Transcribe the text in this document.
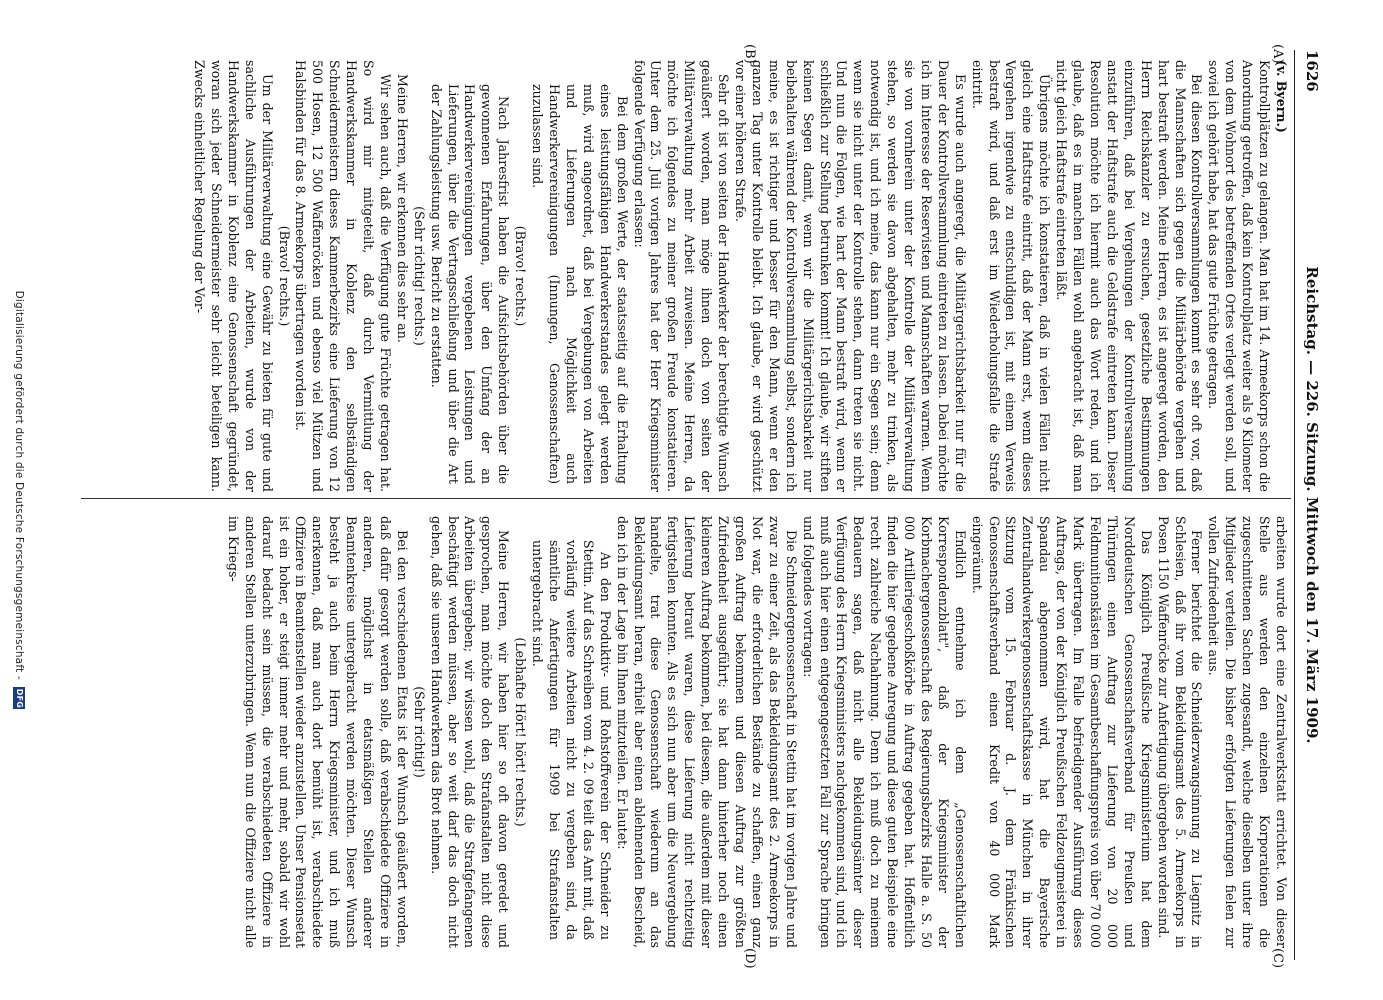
1626
Reichstag. — 226. Sitzung. Mittwoch den 17. März 1909.
(A)
(B)
(C)
(D)

(v. Byern.)

Kontrollplätzen zu gelangen. Man hat im 14. Armeekorps schon die Anordnung getroffen, daß kein Kontrollplatz weiter als 9 Kilometer von dem Wohnort des betreffenden Ortes verlegt werden soll, und soviel ich gehört habe, hat das gute Früchte getragen.

Bei diesen Kontrollversammlungen kommt es sehr oft vor, daß die Mannschaften sich gegen die Militärbehörde vergehen und hart bestraft werden. Meine Herren, es ist angeregt worden, den Herrn Reichskanzler zu ersuchen, gesetzliche Bestimmungen einzuführen, daß bei Vergehungen der Kontrollversammlung anstatt der Haftstrafe auch die Geldstrafe eintreten kann. Dieser Resolution möchte ich hiermit auch das Wort reden, und ich glaube, daß es in manchen Fällen wohl angebracht ist, daß man nicht gleich Haftstrafe eintreten läßt.

Übrigens möchte ich konstatieren, daß in vielen Fällen nicht gleich eine Haftstrafe eintritt, daß der Mann erst, wenn dieses Vergehen irgendwie zu entschuldigen ist, mit einem Verweis bestraft wird, und daß erst im Wiederholungsfalle die Strafe eintritt.

Es wurde auch angeregt, die Militärgerichtsbarkeit nur für die Dauer der Kontrollversammlung eintreten zu lassen. Dabei möchte ich im Interesse der Reservisten und Mannschaften warnen. Wenn sie von vornherein unter der Kontrolle der Militärverwaltung stehen, so werden sie davon abgehalten, mehr zu trinken, als notwendig ist, und ich meine, das kann nur ein Segen sein; denn wenn sie nicht unter der Kontrolle stehen, dann treten sie nicht. Und nun die Folgen, wie hart der Mann bestraft wird, wenn er schließlich zur Stellung betrunken kommt! Ich glaube, wir stiften keinen Segen damit, wenn wir die Militärgerichtsbarkeit nur beibehalten während der Kontrollversammlung selbst, sondern ich meine, es ist richtiger und besser für den Mann, wenn er den ganzen Tag unter Kontrolle bleibt. Ich glaube, er wird geschützt vor einer höheren Strafe.

Sehr oft ist von seiten der Handwerker der berechtigte Wunsch geäußert worden, man möge ihnen doch von seiten der Militärverwaltung mehr Arbeit zuweisen. Meine Herren, da möchte ich folgendes zu meiner großen Freude konstatieren. Unter dem 25. Juli vorigen Jahres hat der Herr Kriegsminister folgende Verfügung erlassen:

Bei dem großen Werte, der staatsseitig auf die Erhaltung eines leistungsfähigen Handwerkerstandes gelegt werden muß, wird angeordnet, daß bei Vergebungen von Arbeiten und Lieferungen nach Möglichkeit auch Handwerkervereinigungen (Innungen, Genossenschaften) zuzulassen sind.

(Bravo! rechts.)

Nach Jahresfrist haben die Aufsichtsbehörden über die gewonnenen Erfahrungen, über den Umfang der an Handwerkervereinigungen vergebenen Leistungen und Lieferungen, über die Vertragsschließung und über die Art der Zahlungsleistung usw. Bericht zu erstatten.

(Sehr richtig! rechts.)

Meine Herren, wir erkennen dies sehr an.

Wir sehen auch, daß die Verfügung gute Früchte getragen hat. So wird mir mitgeteilt, daß durch Vermittlung der Handwerkskammer in Koblenz den selbständigen Schneidermeistern dieses Kammerbezirks eine Lieferung von 12 500 Hosen, 12 500 Waffenröcken und ebenso viel Mützen und Halsbinden für das 8. Armeekorps übertragen worden ist.

(Bravo! rechts.)

Um der Militärverwaltung eine Gewähr zu bieten für gute und sachliche Ausführungen der Arbeiten, wurde von der Handwerkskammer in Koblenz eine Genossenschaft gegründet, woran sich jeder Schneidermeister sehr leicht beteiligen kann. Zwecks einheitlicher Regelung der Vor-

arbeiten wurde dort eine Zentralwerkstatt errichtet. Von dieser Stelle aus werden den einzelnen Korporationen die zugeschnittenen Sachen zugesandt, welche dieselben unter ihre Mitglieder verteilen. Die bisher erfolgten Lieferungen fielen zur vollen Zufriedenheit aus.

Ferner berichtet die Schneiderzwangsinnung zu Liegnitz in Schlesien, daß ihr vom Bekleidungsamt des 5. Armeekorps in Posen 1150 Waffenröcke zur Anfertigung übergeben worden sind.

Das Königlich Preußische Kriegsministerium hat dem Norddeutschen Genossenschaftsverband für Preußen und Thüringen einen Auftrag zur Lieferung von 20 000 Feldmunitionskästen im Gesamtbeschaffungspreis von über 70 000 Mark übertragen. Im Falle befriedigender Ausführung dieses Auftrags, der von der Königlich Preußischen Feldzeugmeisterei in Spandau abgenommen wird, hat die Bayerische Zentralhandwerkergenossenschaftskasse in München in ihrer Sitzung vom 15. Februar d. J. dem Fränkischen Genossenschaftsverband einen Kredit von 40 000 Mark eingeräumt.

Endlich entnehme ich dem „Genossenschaftlichen Korrespondenzblatt", daß der Kriegsminister der Korbmachergenossenschaft des Regierungsbezirks Halle a. S. 50 000 Artilleriegeschoßkörbe in Auftrag gegeben hat. Hoffentlich finden die hier gegebene Anregung und diese guten Beispiele eine recht zahlreiche Nachahmung. Denn ich muß doch zu meinem Bedauern sagen, daß nicht alle Bekleidungsämter dieser Verfügung des Herrn Kriegsministers nachgekommen sind, und ich muß auch hier einen entgegengesetzten Fall zur Sprache bringen und folgendes vortragen:

Die Schneidergenossenschaft in Stettin hat im vorigen Jahre und zwar zu einer Zeit, als das Bekleidungsamt des 2. Armeekorps in Not war, die erforderlichen Bestände zu schaffen, einen ganz großen Auftrag bekommen und diesen Auftrag zur größten Zufriedenheit ausgeführt; sie hat dann hinterher noch einen kleineren Auftrag bekommen, bei diesem, die außerdem mit dieser Lieferung betraut waren, diese Lieferung nicht rechtzeitig fertigstellen konnten. Als es sich nun aber um die Neuvergebung handelte, trat diese Genossenschaft wiederum an das Bekleidungsamt heran, erhielt aber einen ablehnenden Bescheid, den ich in der Lage bin Ihnen mitzuteilen. Er lautet:

An den Produktiv- und Rohstoffverein der Schneider zu Stettin. Auf das Schreiben vom 4. 2. 09 teilt das Amt mit, daß vorläufig weitere Arbeiten nicht zu vergeben sind, da sämtliche Anfertigungen für 1909 bei Strafanstalten untergebracht sind.

(Lebhafte Hört! hört! rechts.)

Meine Herren, wir haben hier so oft davon geredet und gesprochen, man möchte doch den Strafanstalten nicht diese Arbeiten übergeben; wir wissen wohl, daß die Strafgefangenen beschäftigt werden müssen, aber so weit darf das doch nicht gehen, daß sie unseren Handwerkern das Brot nehmen.

(Sehr richtig!)

Bei den verschiedenen Etats ist der Wunsch geäußert worden, daß dafür gesorgt werden solle, daß verabschiedete Offiziere in anderen, möglichst in etatsmäßigen Stellen anderer Beamtenkreise untergebracht werden möchten. Dieser Wunsch besteht ja auch beim Herrn Kriegsminister, und ich muß anerkennen, daß man auch dort bemüht ist, verabschiedete Offiziere in Beamtenstellen wieder anzustellen. Unser Pensionsetat ist ein hoher, er steigt immer mehr und mehr, sobald wir wohl darauf bedacht sein müssen, die verabschiedeten Offiziere in anderen Stellen unterzubringen. Wenn nun die Offiziere nicht alle im Kriegs-

Digitalisierung gefördert durch die Deutsche Forschungsgemeinschaft - DFG
